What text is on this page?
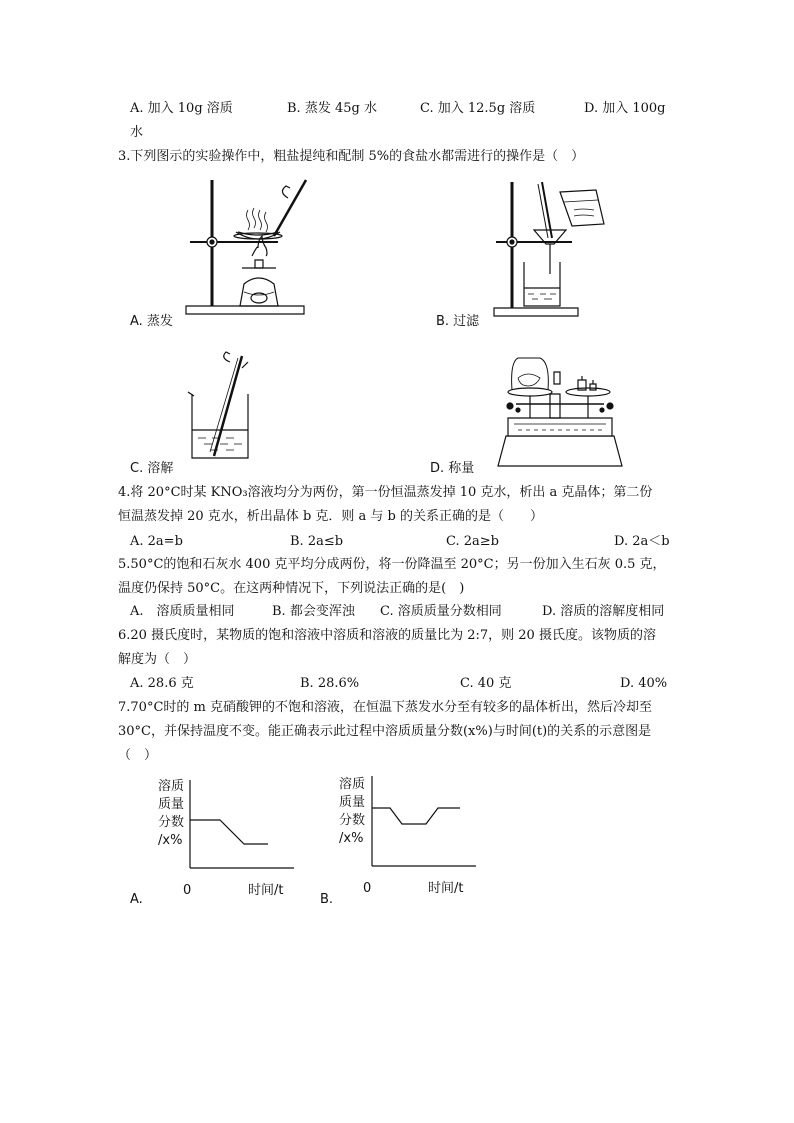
A. 加入 10g 溶质	B. 蒸发 45g 水	C. 加入 12.5g 溶质	D. 加入 100g
水
3.下列图示的实验操作中，粗盐提纯和配制 5%的食盐水都需进行的操作是（　）
A. 蒸发	B. 过滤
C. 溶解	D. 称量
4.将 20°C时某 KNO₃溶液均分为两份，第一份恒温蒸发掉 10 克水，析出 a 克晶体；第二份
恒温蒸发掉 20 克水，析出晶体 b 克．则 a 与 b 的关系正确的是（　　）
A. 2a=b	B. 2a≤b	C. 2a≥b	D. 2a＜b
5.50°C的饱和石灰水 400 克平均分成两份，将一份降温至 20°C；另一份加入生石灰 0.5 克，
温度仍保持 50°C。在这两种情况下，下列说法正确的是(　)
A.　溶质质量相同	B. 都会变浑浊 C. 溶质质量分数相同	D. 溶质的溶解度相同
6.20 摄氏度时，某物质的饱和溶液中溶质和溶液的质量比为 2:7，则 20 摄氏度。该物质的溶
解度为（　）
A. 28.6 克	B. 28.6%	C. 40 克	D. 40%
7.70°C时的 m 克硝酸钾的不饱和溶液，在恒温下蒸发水分至有较多的晶体析出，然后冷却至
30°C，并保持温度不变。能正确表示此过程中溶质质量分数(x%)与时间(t)的关系的示意图是
（　）
溶质
质量
分数
/x%
0	时间/t
A.
溶质
质量
分数
/x%
0	时间/t
B.
